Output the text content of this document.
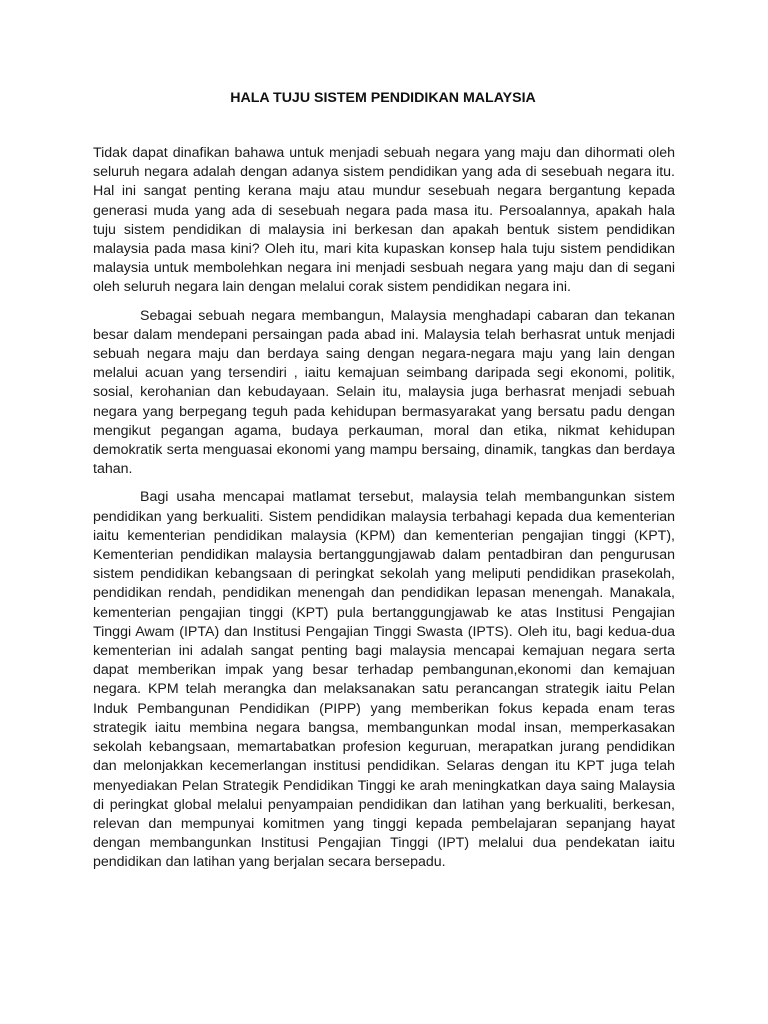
HALA TUJU SISTEM PENDIDIKAN MALAYSIA

Tidak dapat dinafikan bahawa untuk menjadi sebuah negara yang maju dan dihormati oleh seluruh negara adalah dengan adanya sistem pendidikan yang ada di sesebuah negara itu. Hal ini sangat penting kerana maju atau mundur sesebuah negara bergantung kepada generasi muda yang ada di sesebuah negara pada masa itu. Persoalannya, apakah hala tuju sistem pendidikan di malaysia ini berkesan dan apakah bentuk sistem pendidikan malaysia pada masa kini? Oleh itu, mari kita kupaskan konsep hala tuju sistem pendidikan malaysia untuk membolehkan negara ini menjadi sesbuah negara yang maju dan di segani oleh seluruh negara lain dengan melalui corak sistem pendidikan negara ini.

Sebagai sebuah negara membangun, Malaysia menghadapi cabaran dan tekanan besar dalam mendepani persaingan pada abad ini. Malaysia telah berhasrat untuk menjadi sebuah negara maju dan berdaya saing dengan negara-negara maju yang lain dengan melalui acuan yang tersendiri , iaitu kemajuan seimbang daripada segi ekonomi, politik, sosial, kerohanian dan kebudayaan. Selain itu, malaysia juga berhasrat menjadi sebuah negara yang berpegang teguh pada kehidupan bermasyarakat yang bersatu padu dengan mengikut pegangan agama, budaya perkauman, moral dan etika, nikmat kehidupan demokratik serta menguasai ekonomi yang mampu bersaing, dinamik, tangkas dan berdaya tahan.

Bagi usaha mencapai matlamat tersebut, malaysia telah membangunkan sistem pendidikan yang berkualiti. Sistem pendidikan malaysia terbahagi kepada dua kementerian iaitu kementerian pendidikan malaysia (KPM) dan kementerian pengajian tinggi (KPT), Kementerian pendidikan malaysia bertanggungjawab dalam pentadbiran dan pengurusan sistem pendidikan kebangsaan di peringkat sekolah yang meliputi pendidikan prasekolah, pendidikan rendah, pendidikan menengah dan pendidikan lepasan menengah. Manakala, kementerian pengajian tinggi (KPT) pula bertanggungjawab ke atas Institusi Pengajian Tinggi Awam (IPTA) dan Institusi Pengajian Tinggi Swasta (IPTS). Oleh itu, bagi kedua-dua kementerian ini adalah sangat penting bagi malaysia mencapai kemajuan negara serta dapat memberikan impak yang besar terhadap pembangunan,ekonomi dan kemajuan negara. KPM telah merangka dan melaksanakan satu perancangan strategik iaitu Pelan Induk Pembangunan Pendidikan (PIPP) yang memberikan fokus kepada enam teras strategik iaitu membina negara bangsa, membangunkan modal insan, memperkasakan sekolah kebangsaan, memartabatkan profesion keguruan, merapatkan jurang pendidikan dan melonjakkan kecemerlangan institusi pendidikan. Selaras dengan itu KPT juga telah menyediakan Pelan Strategik Pendidikan Tinggi ke arah meningkatkan daya saing Malaysia di peringkat global melalui penyampaian pendidikan dan latihan yang berkualiti, berkesan, relevan dan mempunyai komitmen yang tinggi kepada pembelajaran sepanjang hayat dengan membangunkan Institusi Pengajian Tinggi (IPT) melalui dua pendekatan iaitu pendidikan dan latihan yang berjalan secara bersepadu.
